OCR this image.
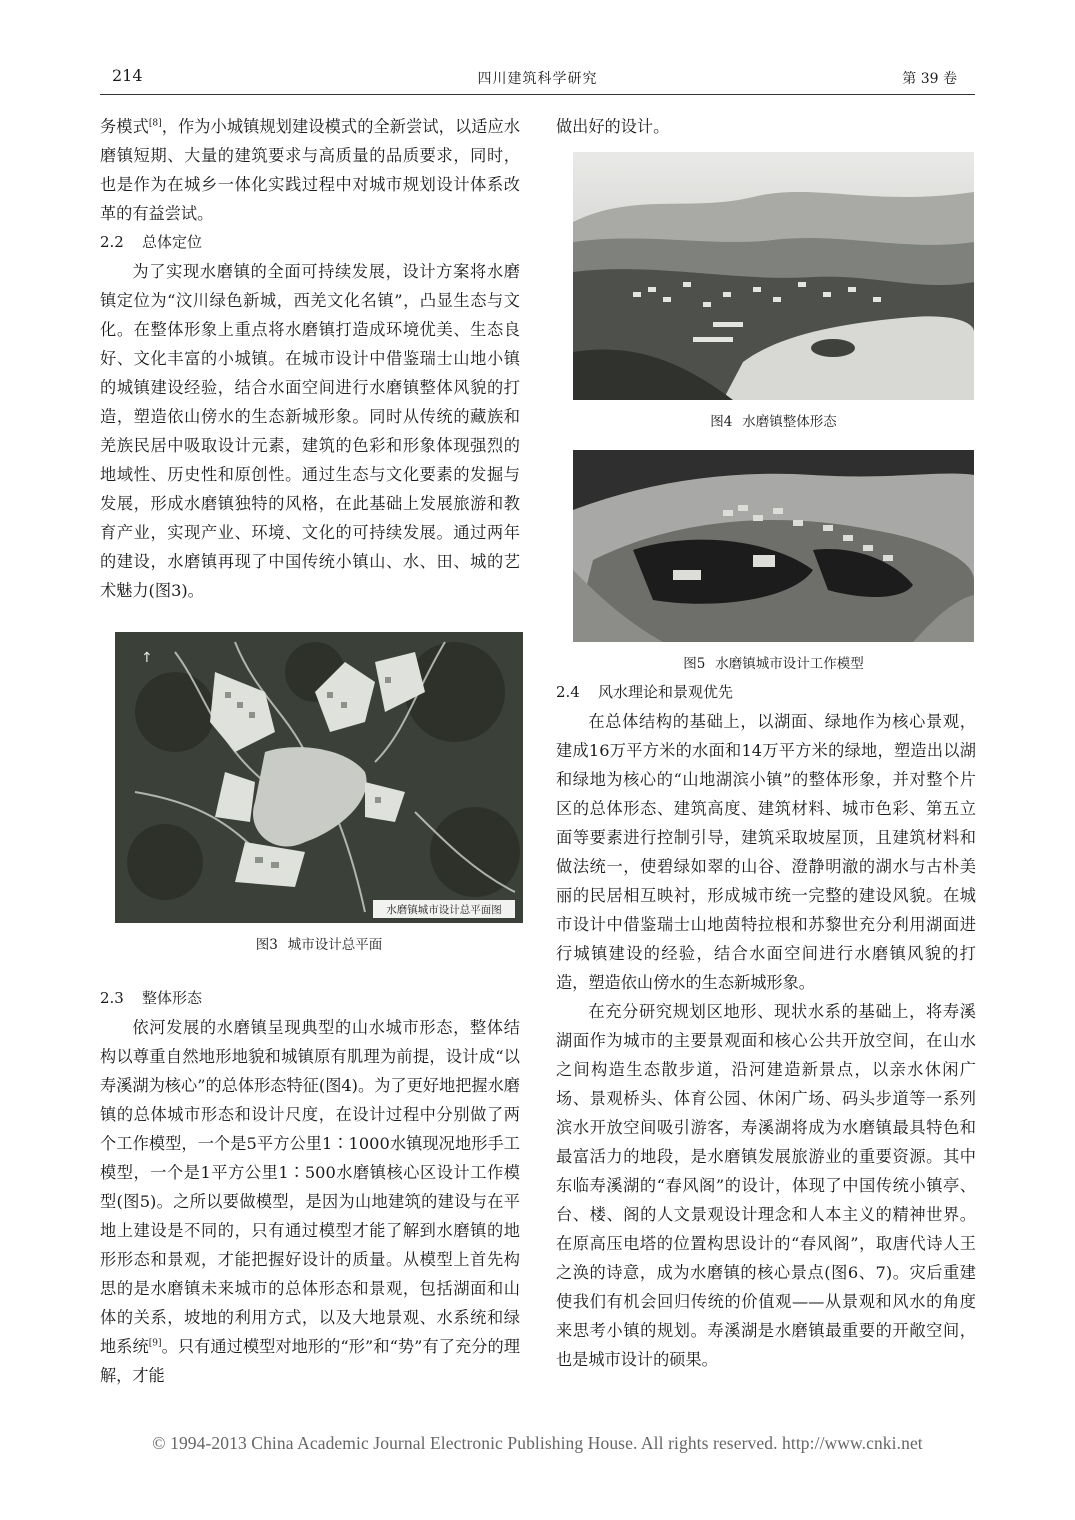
214	四川建筑科学研究	第 39 卷

务模式[8]，作为小城镇规划建设模式的全新尝试，以适应水磨镇短期、大量的建筑要求与高质量的品质要求，同时，也是作为在城乡一体化实践过程中对城市规划设计体系改革的有益尝试。

2.2 总体定位

为了实现水磨镇的全面可持续发展，设计方案将水磨镇定位为“汶川绿色新城，西羌文化名镇”，凸显生态与文化。在整体形象上重点将水磨镇打造成环境优美、生态良好、文化丰富的小城镇。在城市设计中借鉴瑞士山地小镇的城镇建设经验，结合水面空间进行水磨镇整体风貌的打造，塑造依山傍水的生态新城形象。同时从传统的藏族和羌族民居中吸取设计元素，建筑的色彩和形象体现强烈的地域性、历史性和原创性。通过生态与文化要素的发掘与发展，形成水磨镇独特的风格，在此基础上发展旅游和教育产业，实现产业、环境、文化的可持续发展。通过两年的建设，水磨镇再现了中国传统小镇山、水、田、城的艺术魅力(图3)。

↑
水磨镇城市设计总平面图
图3 城市设计总平面
2.3 整体形态

依河发展的水磨镇呈现典型的山水城市形态，整体结构以尊重自然地形地貌和城镇原有肌理为前提，设计成“以寿溪湖为核心”的总体形态特征(图4)。为了更好地把握水磨镇的总体城市形态和设计尺度，在设计过程中分别做了两个工作模型，一个是5平方公里1∶1000水镇现况地形手工模型，一个是1平方公里1∶500水磨镇核心区设计工作模型(图5)。之所以要做模型，是因为山地建筑的建设与在平地上建设是不同的，只有通过模型才能了解到水磨镇的地形形态和景观，才能把握好设计的质量。从模型上首先构思的是水磨镇未来城市的总体形态和景观，包括湖面和山体的关系，坡地的利用方式，以及大地景观、水系统和绿地系统[9]。只有通过模型对地形的“形”和“势”有了充分的理解，才能

做出好的设计。

图4 水磨镇整体形态
图5 水磨镇城市设计工作模型
2.4 风水理论和景观优先

在总体结构的基础上，以湖面、绿地作为核心景观，建成16万平方米的水面和14万平方米的绿地，塑造出以湖和绿地为核心的“山地湖滨小镇”的整体形象，并对整个片区的总体形态、建筑高度、建筑材料、城市色彩、第五立面等要素进行控制引导，建筑采取坡屋顶，且建筑材料和做法统一，使碧绿如翠的山谷、澄静明澈的湖水与古朴美丽的民居相互映衬，形成城市统一完整的建设风貌。在城市设计中借鉴瑞士山地茵特拉根和苏黎世充分利用湖面进行城镇建设的经验，结合水面空间进行水磨镇风貌的打造，塑造依山傍水的生态新城形象。

在充分研究规划区地形、现状水系的基础上，将寿溪湖面作为城市的主要景观面和核心公共开放空间，在山水之间构造生态散步道，沿河建造新景点，以亲水休闲广场、景观桥头、体育公园、休闲广场、码头步道等一系列滨水开放空间吸引游客，寿溪湖将成为水磨镇最具特色和最富活力的地段，是水磨镇发展旅游业的重要资源。其中东临寿溪湖的“春风阁”的设计，体现了中国传统小镇亭、台、楼、阁的人文景观设计理念和人本主义的精神世界。在原高压电塔的位置构思设计的“春风阁”，取唐代诗人王之涣的诗意，成为水磨镇的核心景点(图6、7)。灾后重建使我们有机会回归传统的价值观——从景观和风水的角度来思考小镇的规划。寿溪湖是水磨镇最重要的开敞空间，也是城市设计的硕果。

© 1994-2013 China Academic Journal Electronic Publishing House. All rights reserved. http://www.cnki.net
